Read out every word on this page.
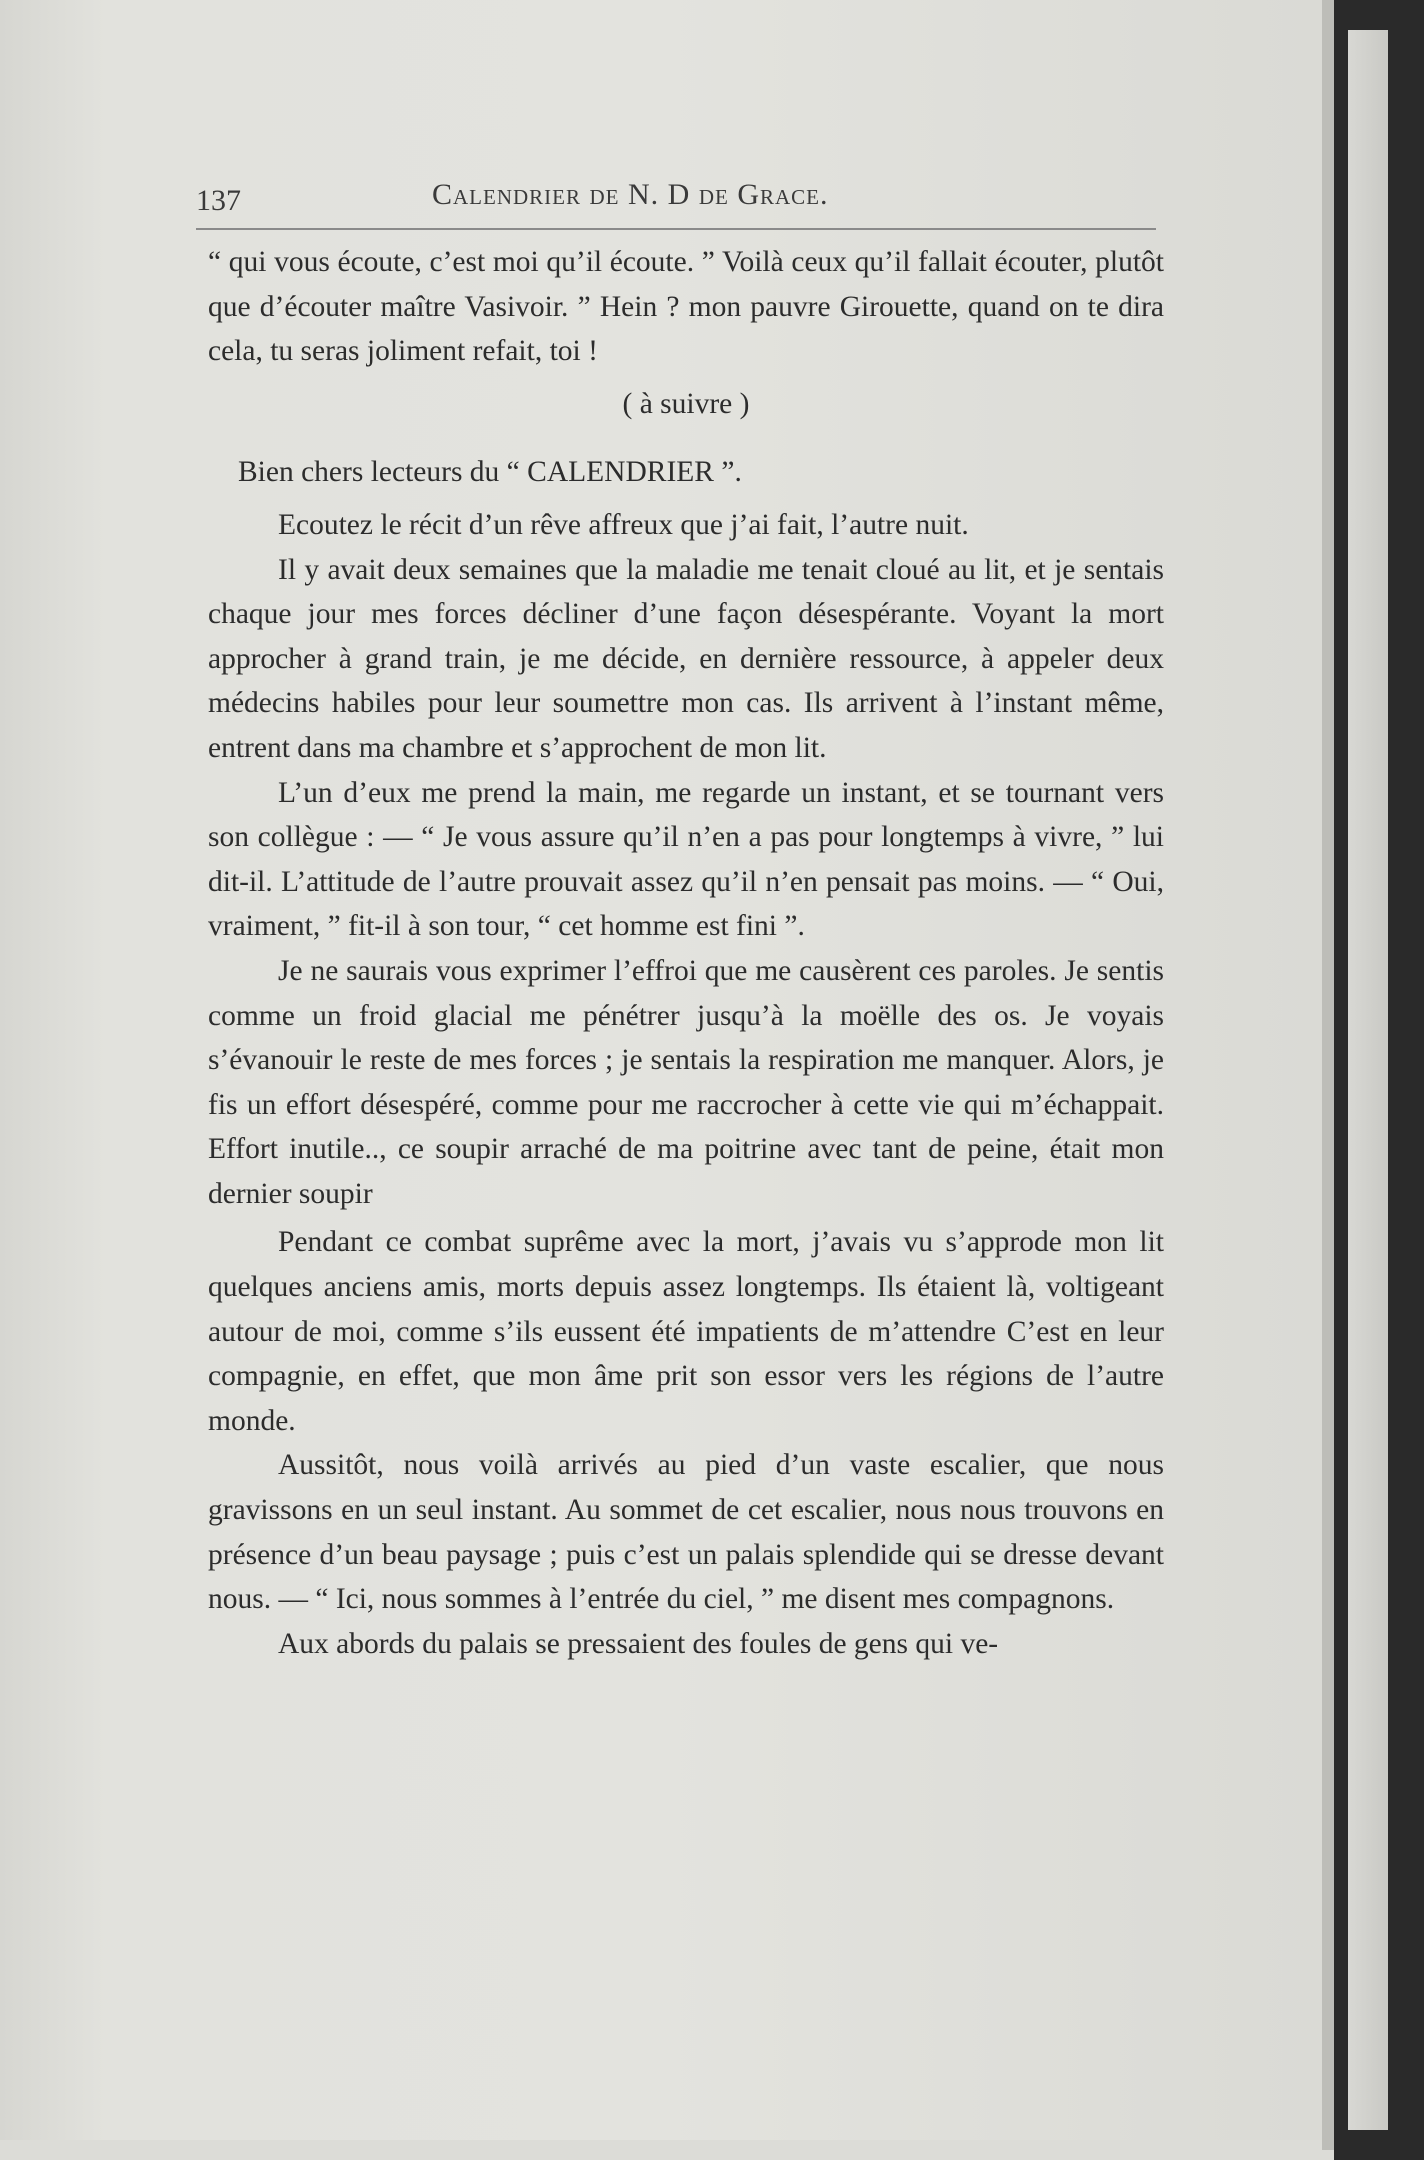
137	Calendrier de N. D de Grace.

“ qui vous écoute, c’est moi qu’il écoute. ” Voilà ceux qu’il fallait écouter, plutôt que d’écouter maître Vasivoir. ” Hein ? mon pauvre Girouette, quand on te dira cela, tu seras joliment refait, toi !

( à suivre )

Bien chers lecteurs du “ CALENDRIER ”.

Ecoutez le récit d’un rêve affreux que j’ai fait, l’autre nuit.

Il y avait deux semaines que la maladie me tenait cloué au lit, et je sentais chaque jour mes forces décliner d’une façon désespérante. Voyant la mort approcher à grand train, je me décide, en dernière ressource, à appeler deux médecins habiles pour leur soumettre mon cas. Ils arrivent à l’instant même, entrent dans ma chambre et s’approchent de mon lit.

L’un d’eux me prend la main, me regarde un instant, et se tournant vers son collègue : — “ Je vous assure qu’il n’en a pas pour longtemps à vivre, ” lui dit-il. L’attitude de l’autre prouvait assez qu’il n’en pensait pas moins. — “ Oui, vraiment, ” fit-il à son tour, “ cet homme est fini ”.

Je ne saurais vous exprimer l’effroi que me causèrent ces paroles. Je sentis comme un froid glacial me pénétrer jusqu’à la moëlle des os. Je voyais s’évanouir le reste de mes forces ; je sentais la respiration me manquer. Alors, je fis un effort désespéré, comme pour me raccrocher à cette vie qui m’échappait. Effort inutile.., ce soupir arraché de ma poitrine avec tant de peine, était mon dernier soupir

Pendant ce combat suprême avec la mort, j’avais vu s’approde mon lit quelques anciens amis, morts depuis assez longtemps. Ils étaient là, voltigeant autour de moi, comme s’ils eussent été impatients de m’attendre C’est en leur compagnie, en effet, que mon âme prit son essor vers les régions de l’autre monde.

Aussitôt, nous voilà arrivés au pied d’un vaste escalier, que nous gravissons en un seul instant. Au sommet de cet escalier, nous nous trouvons en présence d’un beau paysage ; puis c’est un palais splendide qui se dresse devant nous. — “ Ici, nous sommes à l’entrée du ciel, ” me disent mes compagnons.

Aux abords du palais se pressaient des foules de gens qui ve-
